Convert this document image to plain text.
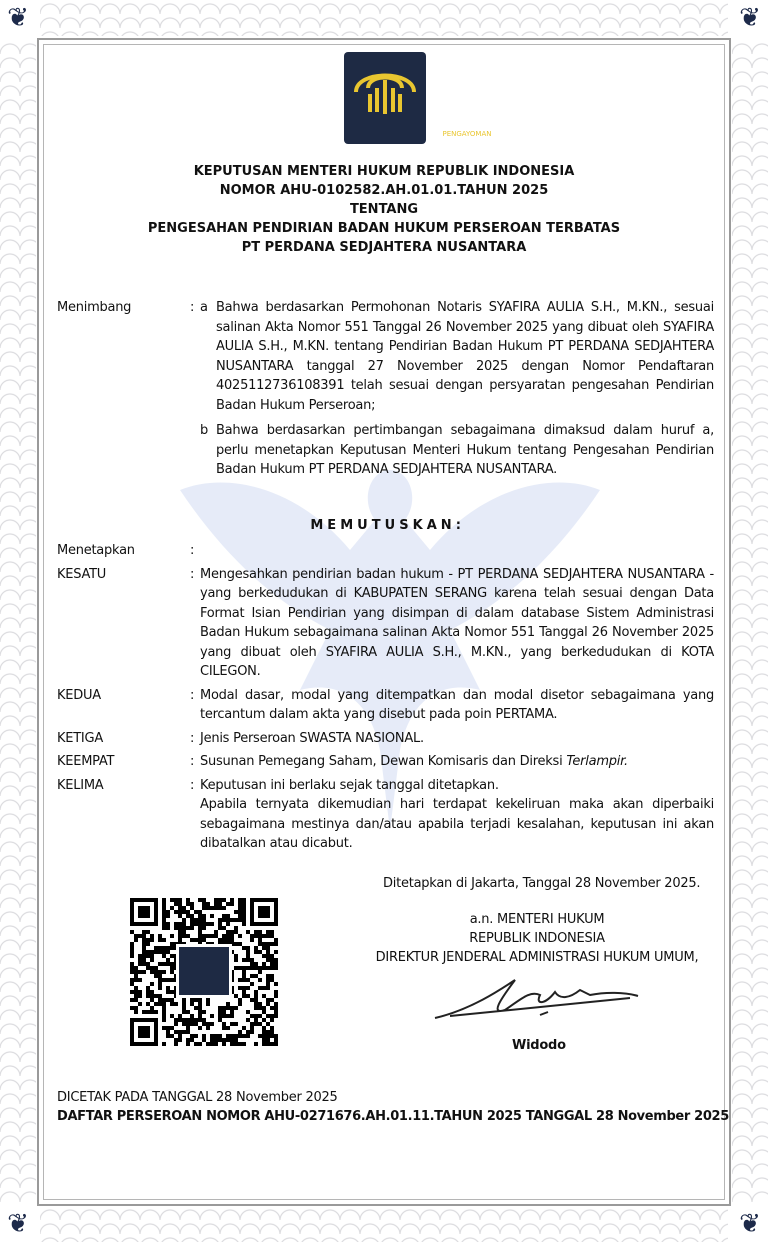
❦	❦
❦	❦
PENGAYOMAN
KEPUTUSAN MENTERI HUKUM REPUBLIK INDONESIA
NOMOR AHU-0102582.AH.01.01.TAHUN 2025
TENTANG
PENGESAHAN PENDIRIAN BADAN HUKUM PERSEROAN TERBATAS
PT PERDANA SEDJAHTERA NUSANTARA
Menimbang	: a Bahwa berdasarkan Permohonan Notaris SYAFIRA AULIA S.H., M.KN., sesuai salinan Akta Nomor 551 Tanggal 26 November 2025 yang dibuat oleh SYAFIRA AULIA S.H., M.KN. tentang Pendirian Badan Hukum PT PERDANA SEDJAHTERA NUSANTARA tanggal 27 November 2025 dengan Nomor Pendaftaran 4025112736108391 telah sesuai dengan persyaratan pengesahan Pendirian Badan Hukum Perseroan;
b Bahwa berdasarkan pertimbangan sebagaimana dimaksud dalam huruf a, perlu menetapkan Keputusan Menteri Hukum tentang Pengesahan Pendirian Badan Hukum PT PERDANA SEDJAHTERA NUSANTARA.
M E M U T U S K A N :
Menetapkan	:
KESATU	: Mengesahkan pendirian badan hukum - PT PERDANA SEDJAHTERA NUSANTARA - yang berkedudukan di KABUPATEN SERANG karena telah sesuai dengan Data Format Isian Pendirian yang disimpan di dalam database Sistem Administrasi Badan Hukum sebagaimana salinan Akta Nomor 551 Tanggal 26 November 2025 yang dibuat oleh SYAFIRA AULIA S.H., M.KN., yang berkedudukan di KOTA CILEGON.
KEDUA	: Modal dasar, modal yang ditempatkan dan modal disetor sebagaimana yang tercantum dalam akta yang disebut pada poin PERTAMA.
KETIGA	: Jenis Perseroan SWASTA NASIONAL.
KEEMPAT	: Susunan Pemegang Saham, Dewan Komisaris dan Direksi Terlampir.
KELIMA	: Keputusan ini berlaku sejak tanggal ditetapkan.
Apabila ternyata dikemudian hari terdapat kekeliruan maka akan diperbaiki sebagaimana mestinya dan/atau apabila terjadi kesalahan, keputusan ini akan dibatalkan atau dicabut.
Ditetapkan di Jakarta, Tanggal 28 November 2025.
a.n. MENTERI HUKUM
REPUBLIK INDONESIA
DIREKTUR JENDERAL ADMINISTRASI HUKUM UMUM,
Widodo
DICETAK PADA TANGGAL 28 November 2025
DAFTAR PERSEROAN NOMOR AHU-0271676.AH.01.11.TAHUN 2025 TANGGAL 28 November 2025
